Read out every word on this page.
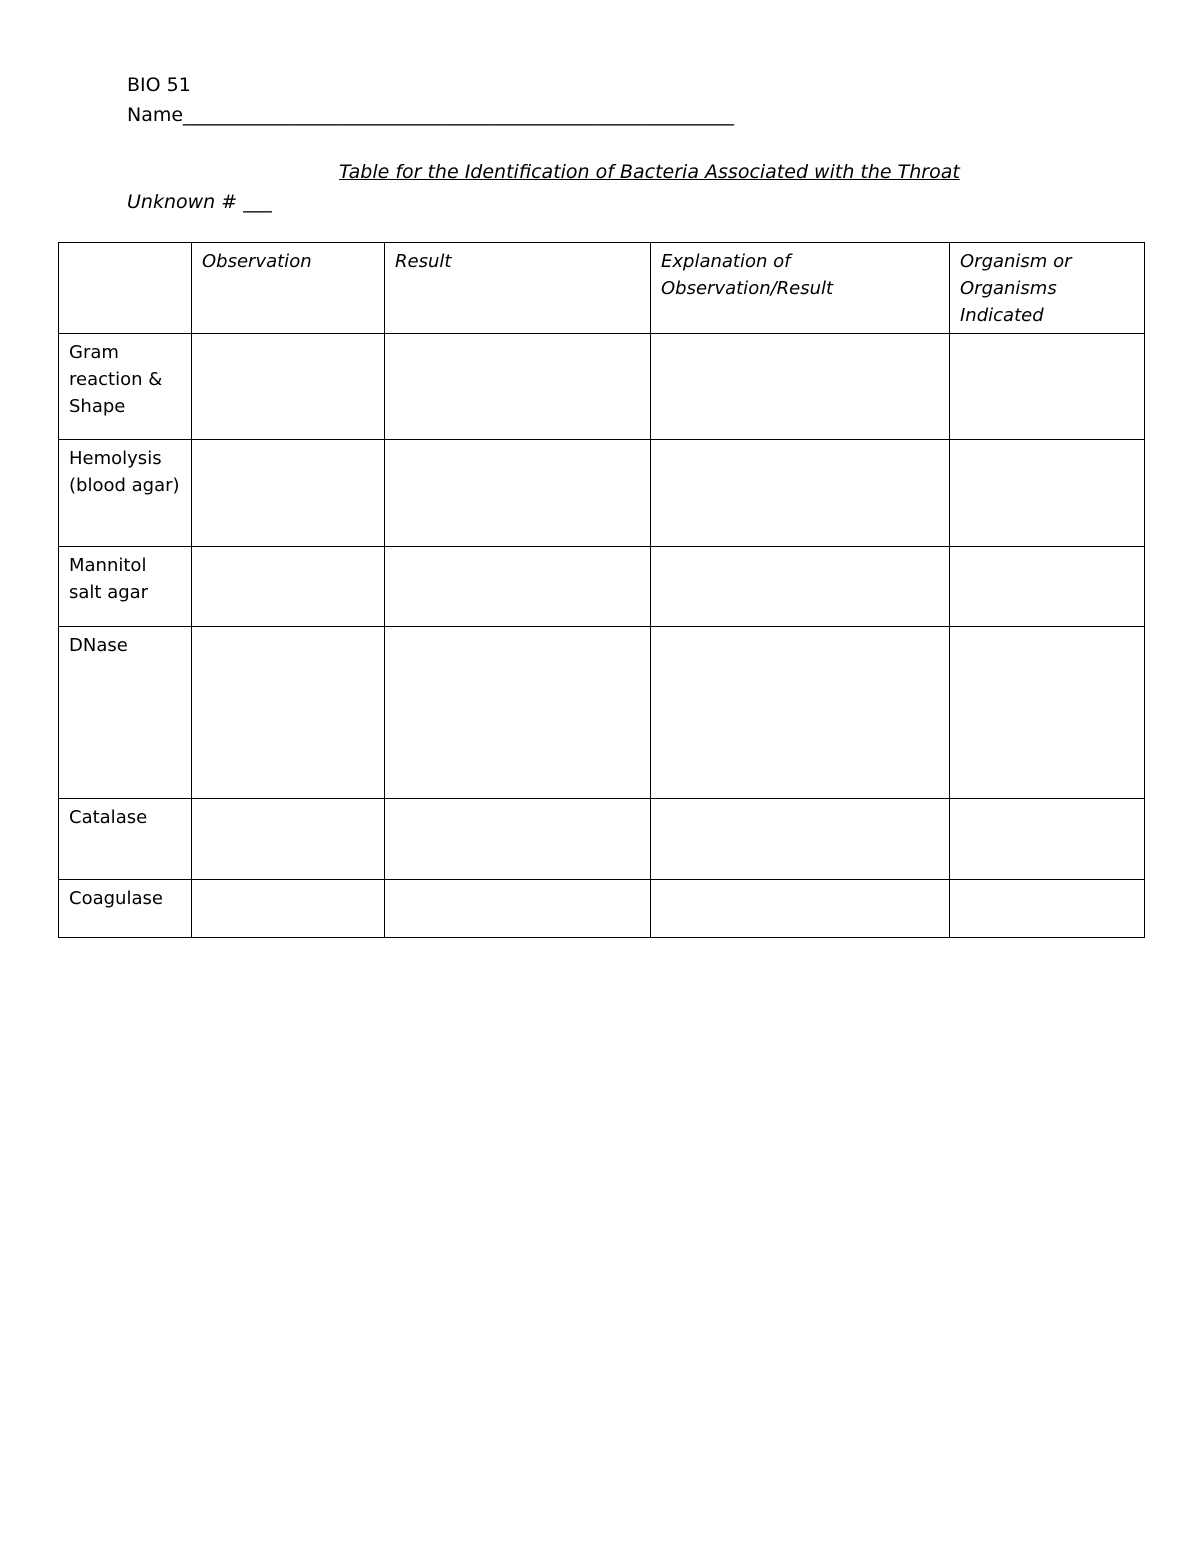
BIO 51
Name__________________________________________________________
Table for the Identification of Bacteria Associated with the Throat
Unknown # ___
	Observation	Result	Explanation of Observation/Result	Organism or Organisms Indicated

Gram reaction & Shape				

Hemolysis (blood agar)				

Mannitol salt agar				

DNase				

Catalase				

Coagulase				
